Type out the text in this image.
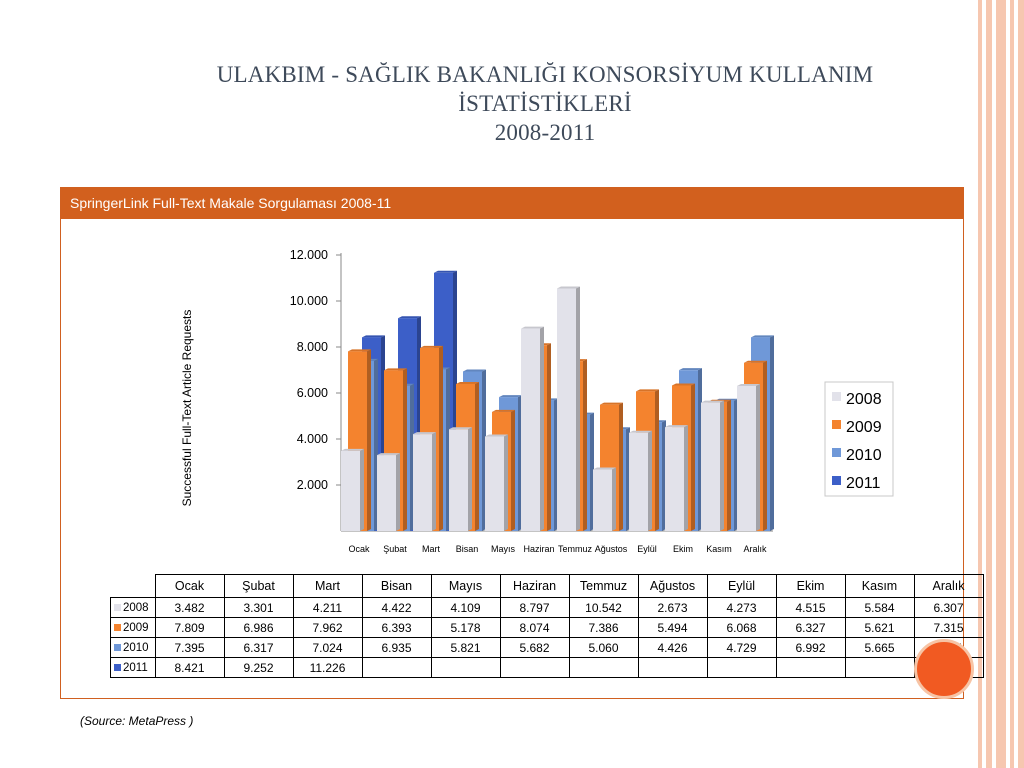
ULAKBIM - SAĞLIK BAKANLIĞI KONSORSİYUM KULLANIM
İSTATİSTİKLERİ
2008-2011
SpringerLink Full-Text Makale Sorgulaması 2008-11
2.000
4.000
6.000
8.000
10.000
12.000
Successful Full-Text Article Requests
Ocak Şubat Mart Bisan Mayıs Haziran Temmuz Ağustos Eylül Ekim Kasım Aralık
2008
2009
2010
2011
	Ocak	Şubat	Mart	Bisan	Mayıs	Haziran	Temmuz	Ağustos	Eylül	Ekim	Kasım	Aralık
2008	3.482	3.301	4.211	4.422	4.109	8.797	10.542	2.673	4.273	4.515	5.584	6.307
2009	7.809	6.986	7.962	6.393	5.178	8.074	7.386	5.494	6.068	6.327	5.621	7.315
2010	7.395	6.317	7.024	6.935	5.821	5.682	5.060	4.426	4.729	6.992	5.665	
2011	8.421	9.252	11.226									
(Source: MetaPress )
